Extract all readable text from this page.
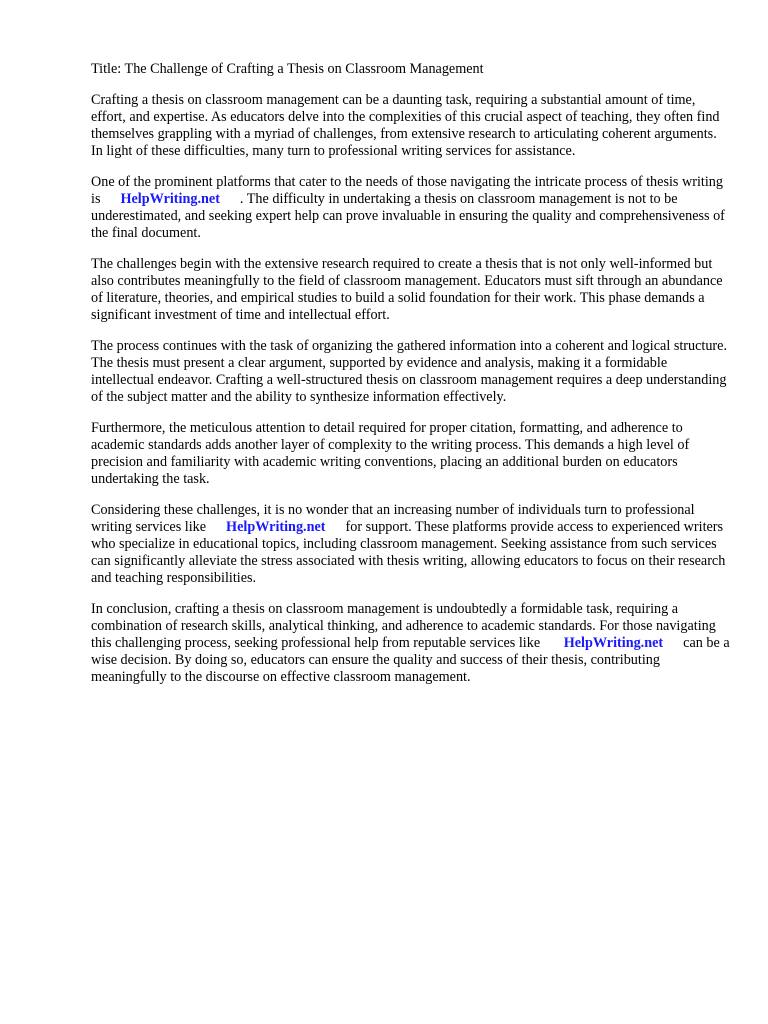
Title: The Challenge of Crafting a Thesis on Classroom Management

Crafting a thesis on classroom management can be a daunting task, requiring a substantial amount of time, effort, and expertise. As educators delve into the complexities of this crucial aspect of teaching, they often find themselves grappling with a myriad of challenges, from extensive research to articulating coherent arguments. In light of these difficulties, many turn to professional writing services for assistance.

One of the prominent platforms that cater to the needs of those navigating the intricate process of thesis writing is HelpWriting.net . The difficulty in undertaking a thesis on classroom management is not to be underestimated, and seeking expert help can prove invaluable in ensuring the quality and comprehensiveness of the final document.

The challenges begin with the extensive research required to create a thesis that is not only well-informed but also contributes meaningfully to the field of classroom management. Educators must sift through an abundance of literature, theories, and empirical studies to build a solid foundation for their work. This phase demands a significant investment of time and intellectual effort.

The process continues with the task of organizing the gathered information into a coherent and logical structure. The thesis must present a clear argument, supported by evidence and analysis, making it a formidable intellectual endeavor. Crafting a well-structured thesis on classroom management requires a deep understanding of the subject matter and the ability to synthesize information effectively.

Furthermore, the meticulous attention to detail required for proper citation, formatting, and adherence to academic standards adds another layer of complexity to the writing process. This demands a high level of precision and familiarity with academic writing conventions, placing an additional burden on educators undertaking the task.

Considering these challenges, it is no wonder that an increasing number of individuals turn to professional writing services like HelpWriting.net for support. These platforms provide access to experienced writers who specialize in educational topics, including classroom management. Seeking assistance from such services can significantly alleviate the stress associated with thesis writing, allowing educators to focus on their research and teaching responsibilities.

In conclusion, crafting a thesis on classroom management is undoubtedly a formidable task, requiring a combination of research skills, analytical thinking, and adherence to academic standards. For those navigating this challenging process, seeking professional help from reputable services like HelpWriting.net can be a wise decision. By doing so, educators can ensure the quality and success of their thesis, contributing meaningfully to the discourse on effective classroom management.
